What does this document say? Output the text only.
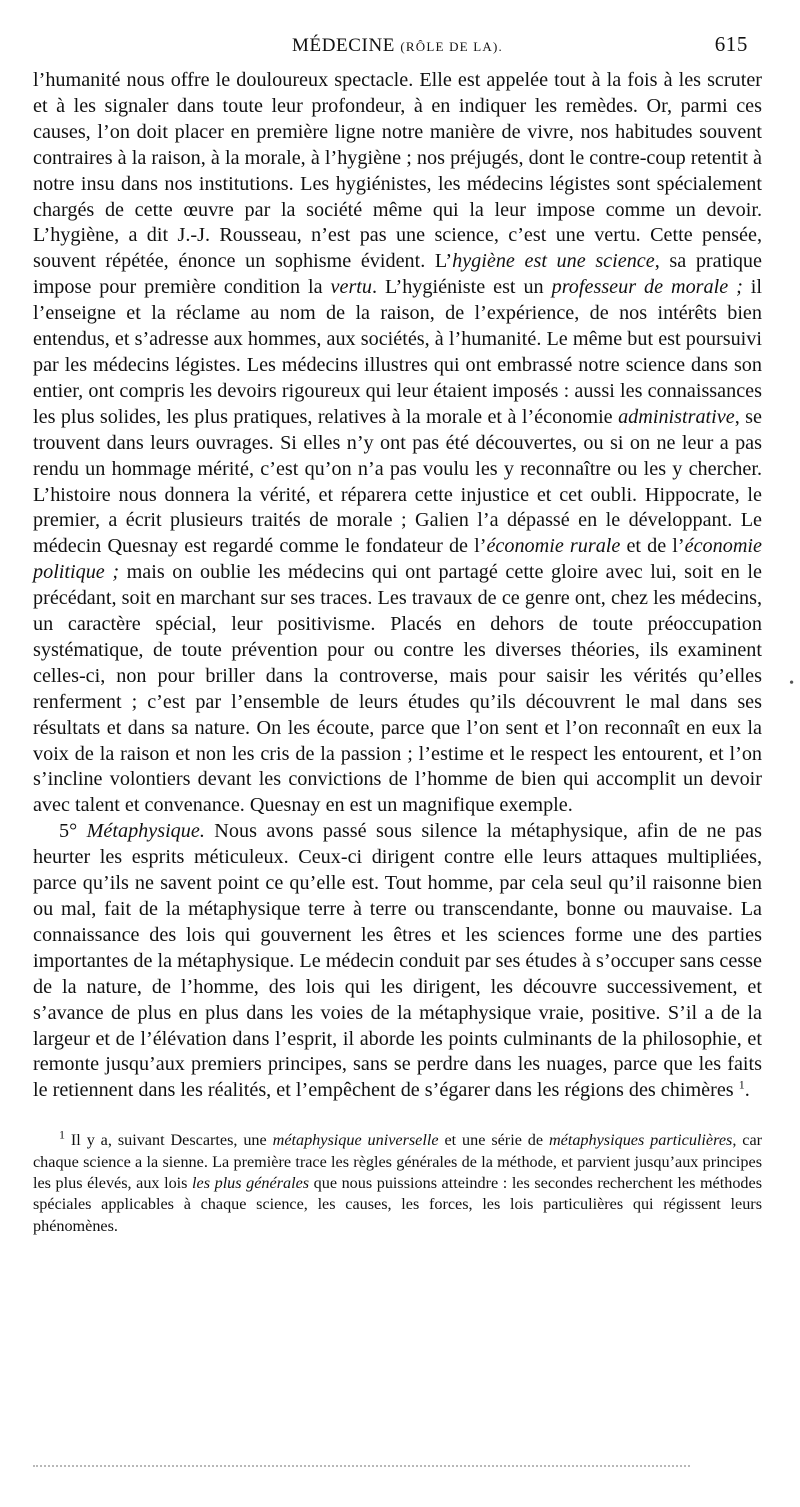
MÉDECINE (RÔLE DE LA).	615

l’humanité nous offre le douloureux spectacle. Elle est appelée tout à la fois à les scruter et à les signaler dans toute leur profondeur, à en indiquer les remèdes. Or, parmi ces causes, l’on doit placer en première ligne notre manière de vivre, nos habitudes souvent contraires à la raison, à la morale, à l’hygiène ; nos préjugés, dont le contre-coup retentit à notre insu dans nos institutions. Les hygiénistes, les médecins légistes sont spécialement chargés de cette œuvre par la société même qui la leur impose comme un devoir. L’hygiène, a dit J.-J. Rousseau, n’est pas une science, c’est une vertu. Cette pensée, souvent répétée, énonce un sophisme évident. L’hygiène est une science, sa pratique impose pour première condition la vertu. L’hygiéniste est un professeur de morale ; il l’enseigne et la réclame au nom de la raison, de l’expérience, de nos intérêts bien entendus, et s’adresse aux hommes, aux sociétés, à l’humanité. Le même but est poursuivi par les médecins légistes. Les médecins illustres qui ont embrassé notre science dans son entier, ont compris les devoirs rigoureux qui leur étaient imposés : aussi les connaissances les plus solides, les plus pratiques, relatives à la morale et à l’économie administrative, se trouvent dans leurs ouvrages. Si elles n’y ont pas été découvertes, ou si on ne leur a pas rendu un hommage mérité, c’est qu’on n’a pas voulu les y reconnaître ou les y chercher. L’histoire nous donnera la vérité, et réparera cette injustice et cet oubli. Hippocrate, le premier, a écrit plusieurs traités de morale ; Galien l’a dépassé en le développant. Le médecin Quesnay est regardé comme le fondateur de l’économie rurale et de l’économie politique ; mais on oublie les médecins qui ont partagé cette gloire avec lui, soit en le précédant, soit en marchant sur ses traces. Les travaux de ce genre ont, chez les médecins, un caractère spécial, leur positivisme. Placés en dehors de toute préoccupation systématique, de toute prévention pour ou contre les diverses théories, ils examinent celles-ci, non pour briller dans la controverse, mais pour saisir les vérités qu’elles renferment ; c’est par l’ensemble de leurs études qu’ils découvrent le mal dans ses résultats et dans sa nature. On les écoute, parce que l’on sent et l’on reconnaît en eux la voix de la raison et non les cris de la passion ; l’estime et le respect les entourent, et l’on s’incline volontiers devant les convictions de l’homme de bien qui accomplit un devoir avec talent et convenance. Quesnay en est un magnifique exemple.

5° Métaphysique. Nous avons passé sous silence la métaphysique, afin de ne pas heurter les esprits méticuleux. Ceux-ci dirigent contre elle leurs attaques multipliées, parce qu’ils ne savent point ce qu’elle est. Tout homme, par cela seul qu’il raisonne bien ou mal, fait de la métaphysique terre à terre ou transcendante, bonne ou mauvaise. La connaissance des lois qui gouvernent les êtres et les sciences forme une des parties importantes de la métaphysique. Le médecin conduit par ses études à s’occuper sans cesse de la nature, de l’homme, des lois qui les dirigent, les découvre successivement, et s’avance de plus en plus dans les voies de la métaphysique vraie, positive. S’il a de la largeur et de l’élévation dans l’esprit, il aborde les points culminants de la philosophie, et remonte jusqu’aux premiers principes, sans se perdre dans les nuages, parce que les faits le retiennent dans les réalités, et l’empêchent de s’égarer dans les régions des chimères $^1$.

$^1$ Il y a, suivant Descartes, une métaphysique universelle et une série de métaphysiques particulières, car chaque science a la sienne. La première trace les règles générales de la méthode, et parvient jusqu’aux principes les plus élevés, aux lois les plus générales que nous puissions atteindre : les secondes recherchent les méthodes spéciales applicables à chaque science, les causes, les forces, les lois particulières qui régissent leurs phénomènes.

•
